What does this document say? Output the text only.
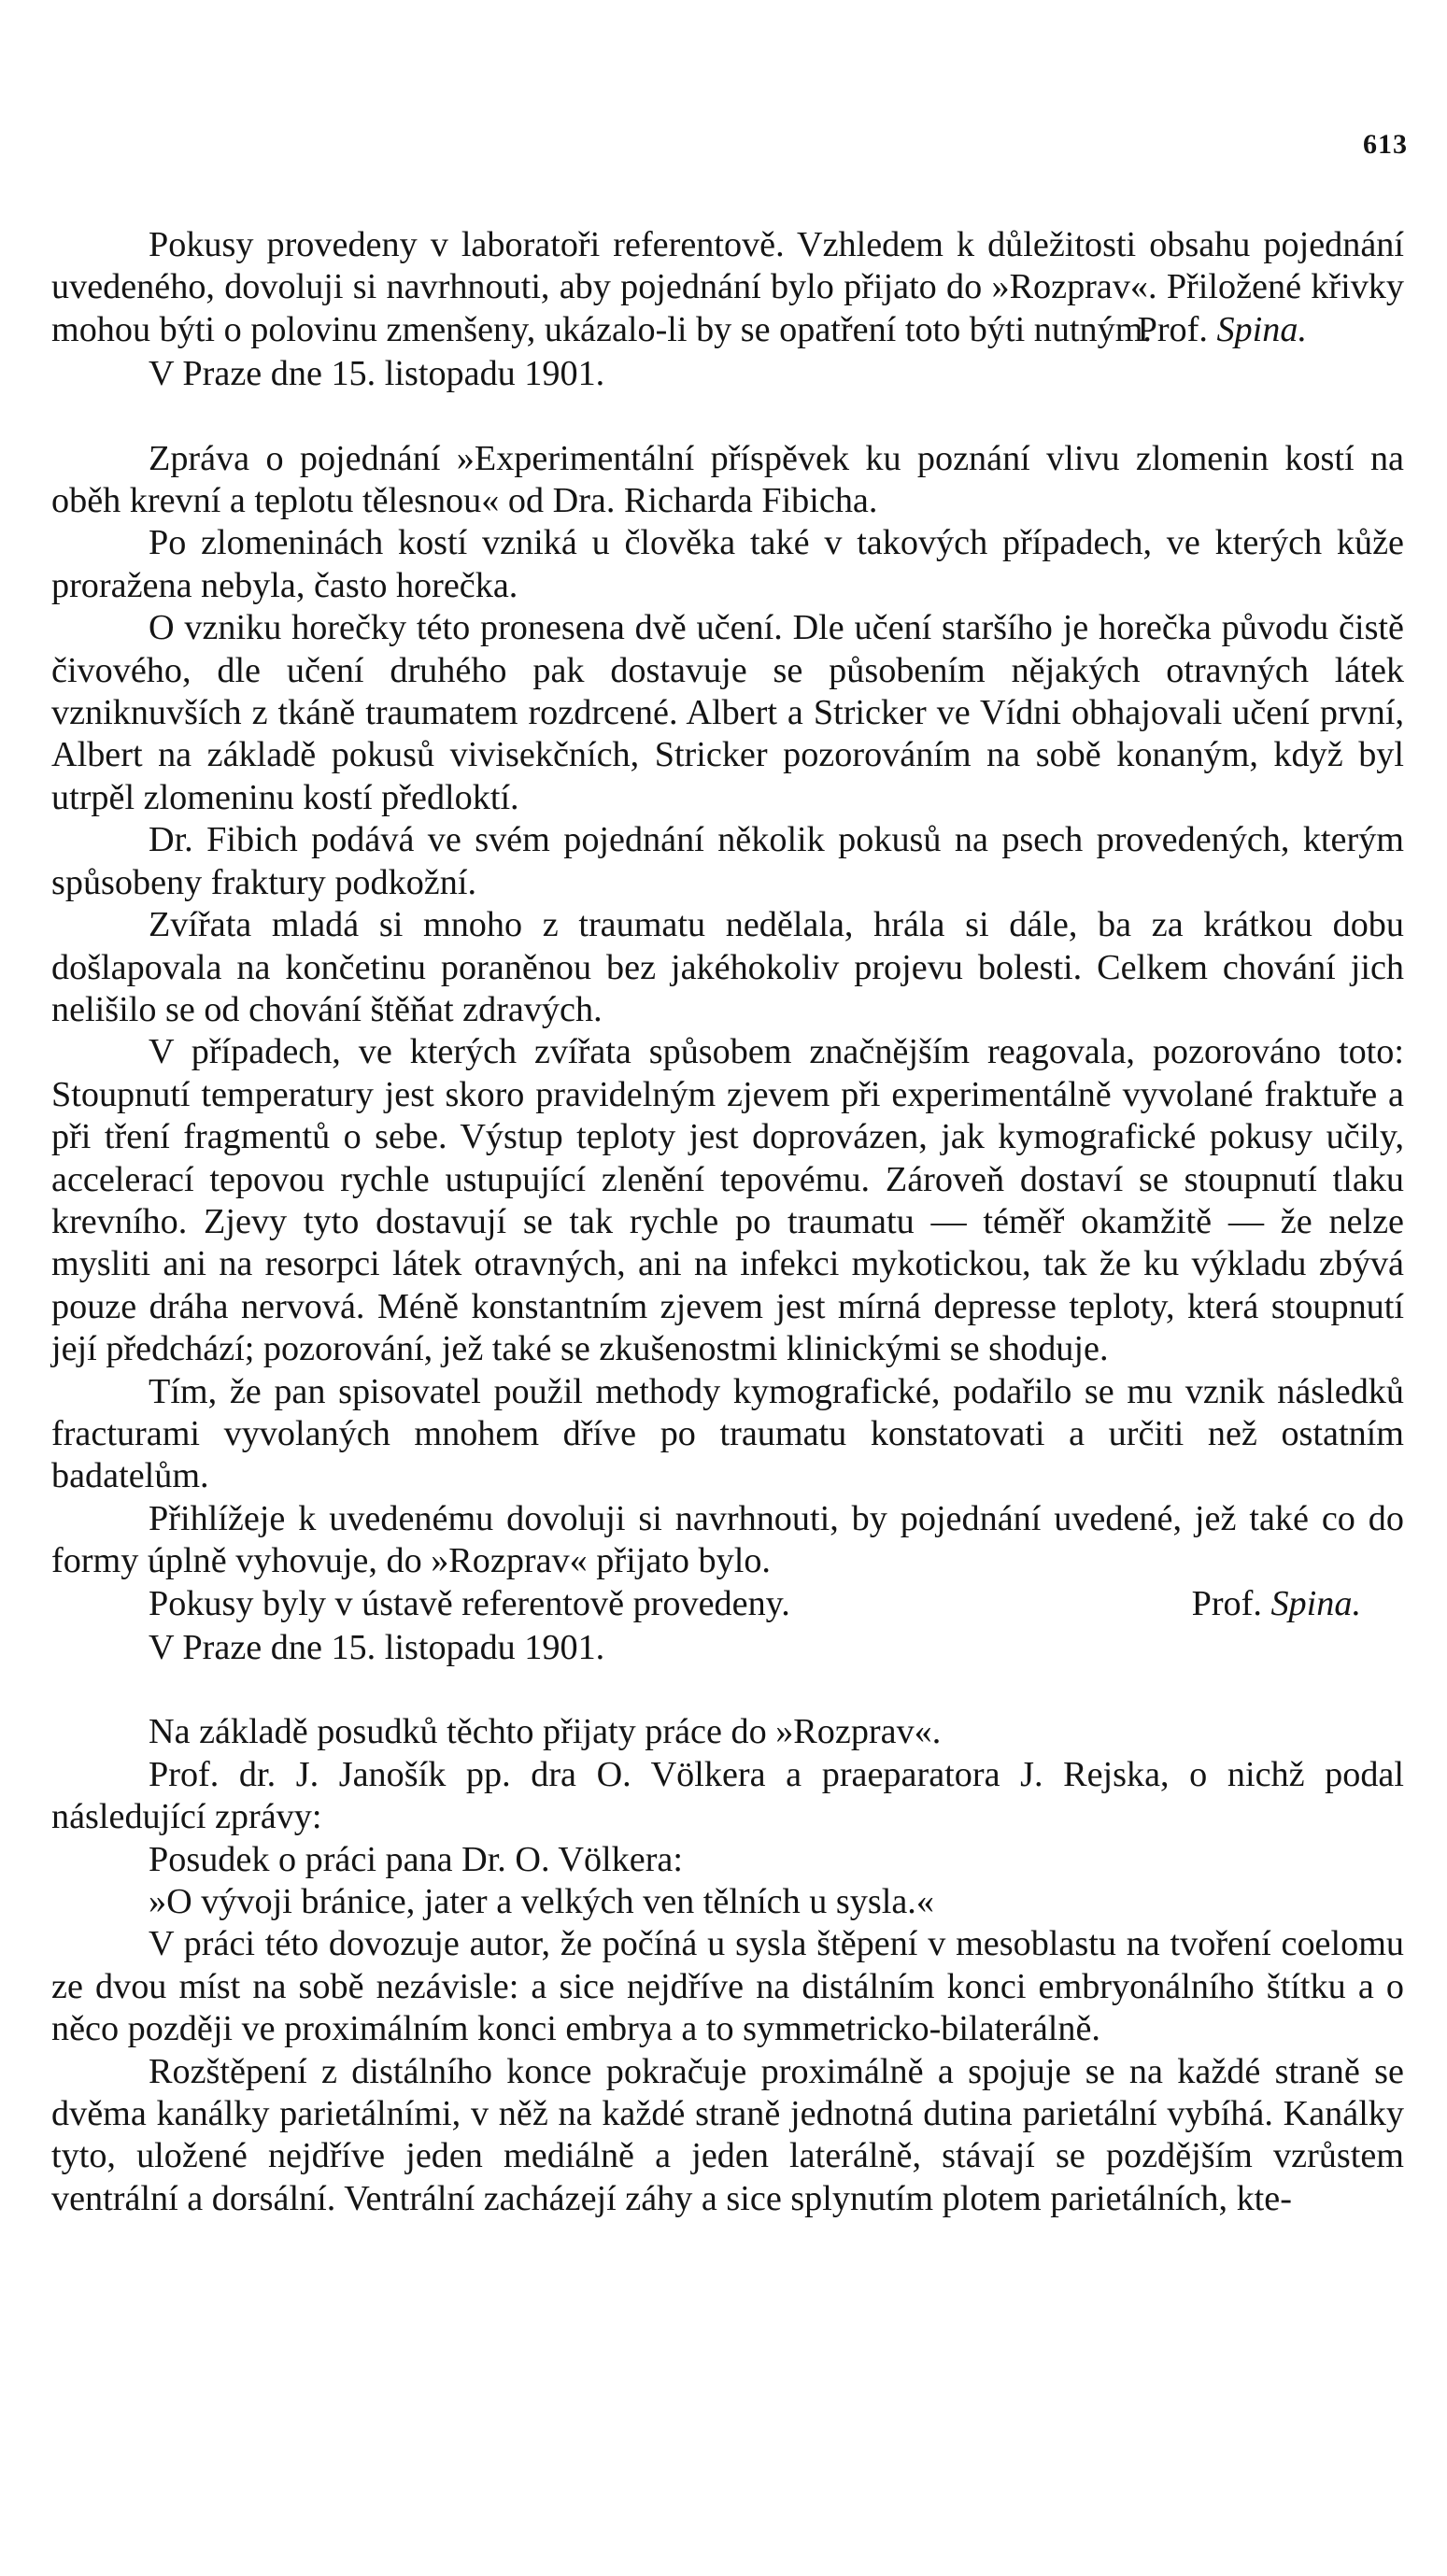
613

Pokusy provedeny v laboratoři referentově. Vzhledem k důležitosti obsahu pojednání uvedeného, dovoluji si navrhnouti, aby pojednání bylo přijato do »Rozprav«. Přiložené křivky mohou býti o polovinu zmenšeny, ukázalo-li by se opatření toto býti nutným.

Prof. Spina.
V Praze dne 15. listopadu 1901.

Zpráva o pojednání »Experimentální příspěvek ku poznání vlivu zlomenin kostí na oběh krevní a teplotu tělesnou« od Dra. Richarda Fibicha.

Po zlomeninách kostí vzniká u člověka také v takových případech, ve kterých kůže proražena nebyla, často horečka.

O vzniku horečky této pronesena dvě učení. Dle učení staršího je horečka původu čistě čivového, dle učení druhého pak dostavuje se působením nějakých otravných látek vzniknuvších z tkáně traumatem rozdrcené. Albert a Stricker ve Vídni obhajovali učení první, Albert na základě pokusů vivisekčních, Stricker pozorováním na sobě konaným, když byl utrpěl zlomeninu kostí předloktí.

Dr. Fibich podává ve svém pojednání několik pokusů na psech provedených, kterým spůsobeny fraktury podkožní.

Zvířata mladá si mnoho z traumatu nedělala, hrála si dále, ba za krátkou dobu došlapovala na končetinu poraněnou bez jakéhokoliv projevu bolesti. Celkem chování jich nelišilo se od chování štěňat zdravých.

V případech, ve kterých zvířata spůsobem značnějším reagovala, pozorováno toto: Stoupnutí temperatury jest skoro pravidelným zjevem při experimentálně vyvolané fraktuře a při tření fragmentů o sebe. Výstup teploty jest doprovázen, jak kymografické pokusy učily, accelerací tepovou rychle ustupující zlenění tepovému. Zároveň dostaví se stoupnutí tlaku krevního. Zjevy tyto dostavují se tak rychle po traumatu — téměř okamžitě — že nelze mysliti ani na resorpci látek otravných, ani na infekci mykotickou, tak že ku výkladu zbývá pouze dráha nervová. Méně konstantním zjevem jest mírná depresse teploty, která stoupnutí její předchází; pozorování, jež také se zkušenostmi klinickými se shoduje.

Tím, že pan spisovatel použil methody kymografické, podařilo se mu vznik následků fracturami vyvolaných mnohem dříve po traumatu konstatovati a určiti než ostatním badatelům.

Přihlížeje k uvedenému dovoluji si navrhnouti, by pojednání uvedené, jež také co do formy úplně vyhovuje, do »Rozprav« přijato bylo.

Pokusy byly v ústavě referentově provedeny.	Prof. Spina.
V Praze dne 15. listopadu 1901.

Na základě posudků těchto přijaty práce do »Rozprav«.

Prof. dr. J. Janošík pp. dra O. Völkera a praeparatora J. Rejska, o nichž podal následující zprávy:

Posudek o práci pana Dr. O. Völkera:

»O vývoji bránice, jater a velkých ven tělních u sysla.«

V práci této dovozuje autor, že počíná u sysla štěpení v mesoblastu na tvoření coelomu ze dvou míst na sobě nezávisle: a sice nejdříve na distálním konci embryonálního štítku a o něco později ve proximálním konci embrya a to symmetricko-bilaterálně.

Rozštěpení z distálního konce pokračuje proximálně a spojuje se na každé straně se dvěma kanálky parietálními, v něž na každé straně jednotná dutina parietální vybíhá. Kanálky tyto, uložené nejdříve jeden mediálně a jeden laterálně, stávají se pozdějším vzrůstem ventrální a dorsální. Ventrální zacházejí záhy a sice splynutím plotem parietálních, kte-
